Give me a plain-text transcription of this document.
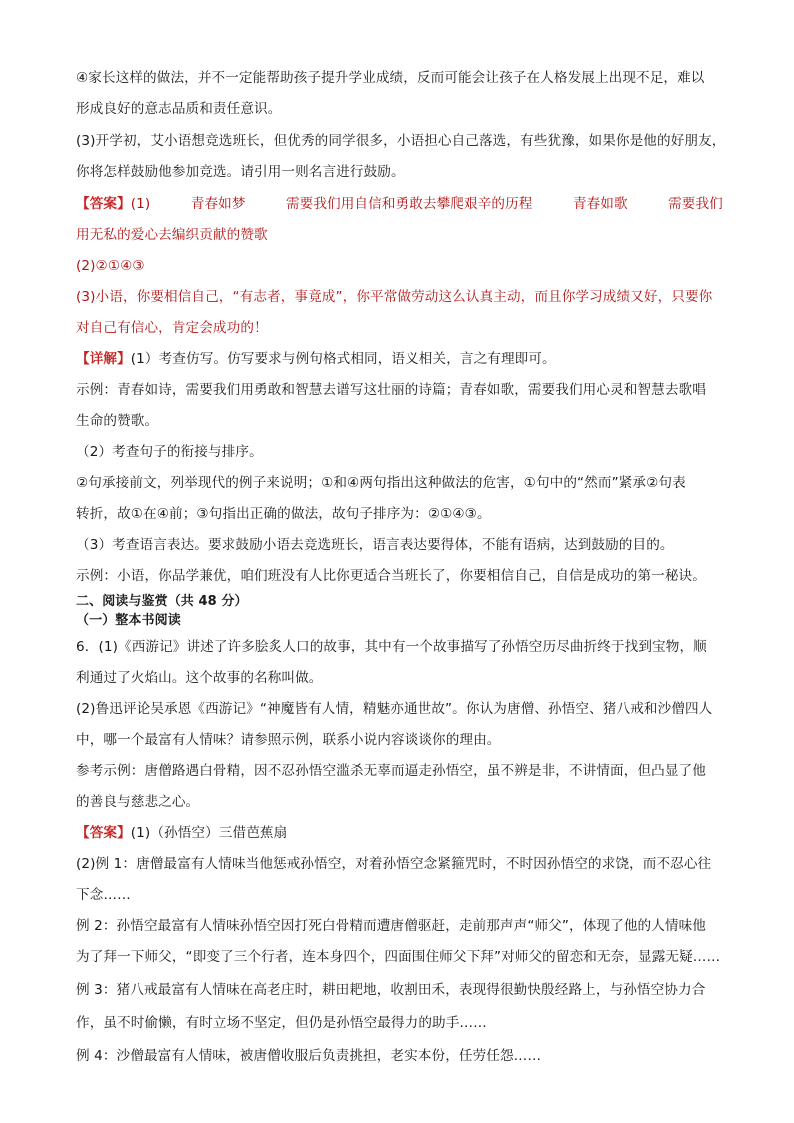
④家长这样的做法，并不一定能帮助孩子提升学业成绩，反而可能会让孩子在人格发展上出现不足，难以
形成良好的意志品质和责任意识。
(3)开学初，艾小语想竞选班长，但优秀的同学很多，小语担心自己落选，有些犹豫，如果你是他的好朋友，
你将怎样鼓励他参加竞选。请引用一则名言进行鼓励。
【答案】(1)	青春如梦	需要我们用自信和勇敢去攀爬艰辛的历程	青春如歌	需要我们
用无私的爱心去编织贡献的赞歌
(2)②①④③
(3)小语，你要相信自己，“有志者，事竟成”，你平常做劳动这么认真主动，而且你学习成绩又好，只要你
对自己有信心，肯定会成功的！
【详解】(1）考查仿写。仿写要求与例句格式相同，语义相关，言之有理即可。
示例：青春如诗，需要我们用勇敢和智慧去谱写这壮丽的诗篇；青春如歌，需要我们用心灵和智慧去歌唱
生命的赞歌。
（2）考查句子的衔接与排序。
②句承接前文，列举现代的例子来说明；①和④两句指出这种做法的危害，①句中的“然而”紧承②句表
转折，故①在④前；③句指出正确的做法，故句子排序为：②①④③。
（3）考查语言表达。要求鼓励小语去竞选班长，语言表达要得体，不能有语病，达到鼓励的目的。
示例：小语，你品学兼优，咱们班没有人比你更适合当班长了，你要相信自己，自信是成功的第一秘诀。
二、阅读与鉴赏（共 48 分）
（一）整本书阅读
6．(1)《西游记》讲述了许多脍炙人口的故事，其中有一个故事描写了孙悟空历尽曲折终于找到宝物，顺
利通过了火焰山。这个故事的名称叫做。
(2)鲁迅评论吴承恩《西游记》“神魔皆有人情，精魅亦通世故”。你认为唐僧、孙悟空、猪八戒和沙僧四人
中，哪一个最富有人情味？请参照示例，联系小说内容谈谈你的理由。
参考示例：唐僧路遇白骨精，因不忍孙悟空滥杀无辜而逼走孙悟空，虽不辨是非，不讲情面，但凸显了他
的善良与慈悲之心。
【答案】(1)（孙悟空）三借芭蕉扇
(2)例 1：唐僧最富有人情味当他惩戒孙悟空，对着孙悟空念紧箍咒时，不时因孙悟空的求饶，而不忍心往
下念……
例 2：孙悟空最富有人情味孙悟空因打死白骨精而遭唐僧驱赶，走前那声声“师父”，体现了他的人情味他
为了拜一下师父，“即变了三个行者，连本身四个，四面围住师父下拜”对师父的留恋和无奈，显露无疑……
例 3：猪八戒最富有人情味在高老庄时，耕田耙地，收割田禾，表现得很勤快殷经路上，与孙悟空协力合
作，虽不时偷懒，有时立场不坚定，但仍是孙悟空最得力的助手……
例 4：沙僧最富有人情味，被唐僧收服后负责挑担，老实本份，任劳任怨……
